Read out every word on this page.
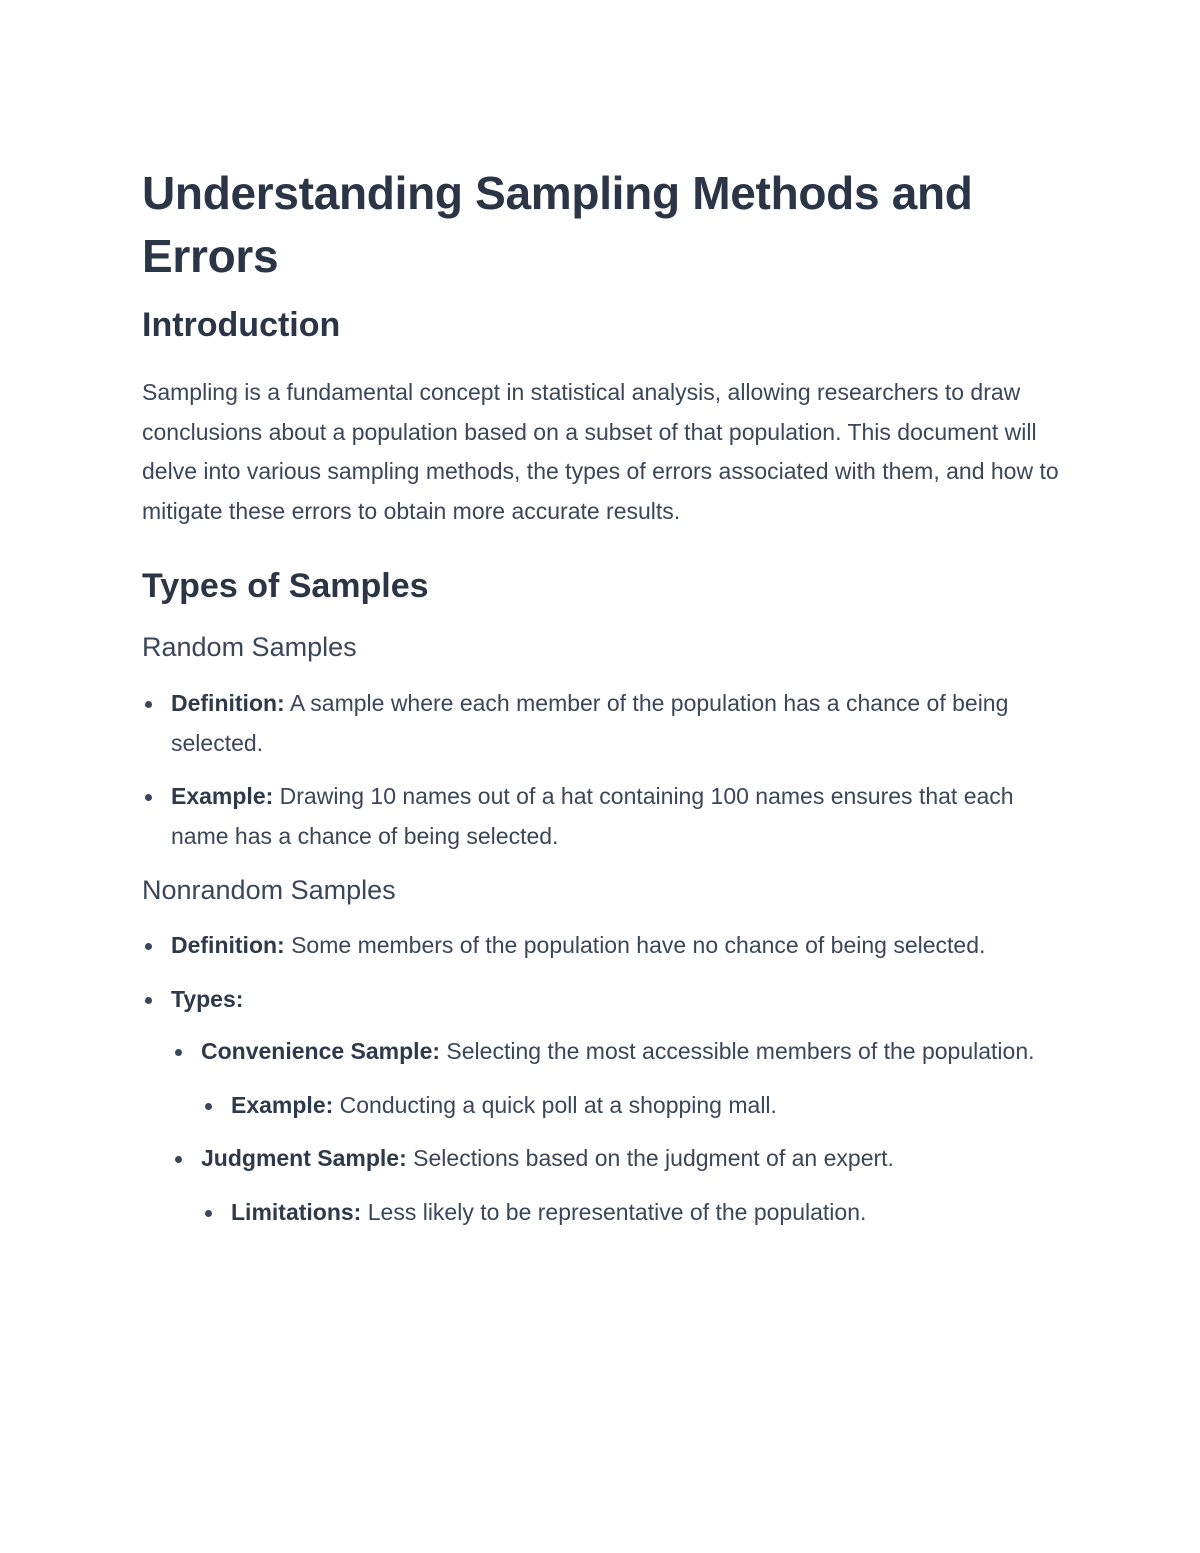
Understanding Sampling Methods and Errors
Introduction

Sampling is a fundamental concept in statistical analysis, allowing researchers to draw conclusions about a population based on a subset of that population. This document will delve into various sampling methods, the types of errors associated with them, and how to mitigate these errors to obtain more accurate results.

Types of Samples
Random Samples
Definition: A sample where each member of the population has a chance of being selected.
Example: Drawing 10 names out of a hat containing 100 names ensures that each name has a chance of being selected.
Nonrandom Samples
Definition: Some members of the population have no chance of being selected.
Types:
Convenience Sample: Selecting the most accessible members of the population.
Example: Conducting a quick poll at a shopping mall.
Judgment Sample: Selections based on the judgment of an expert.
Limitations: Less likely to be representative of the population.
